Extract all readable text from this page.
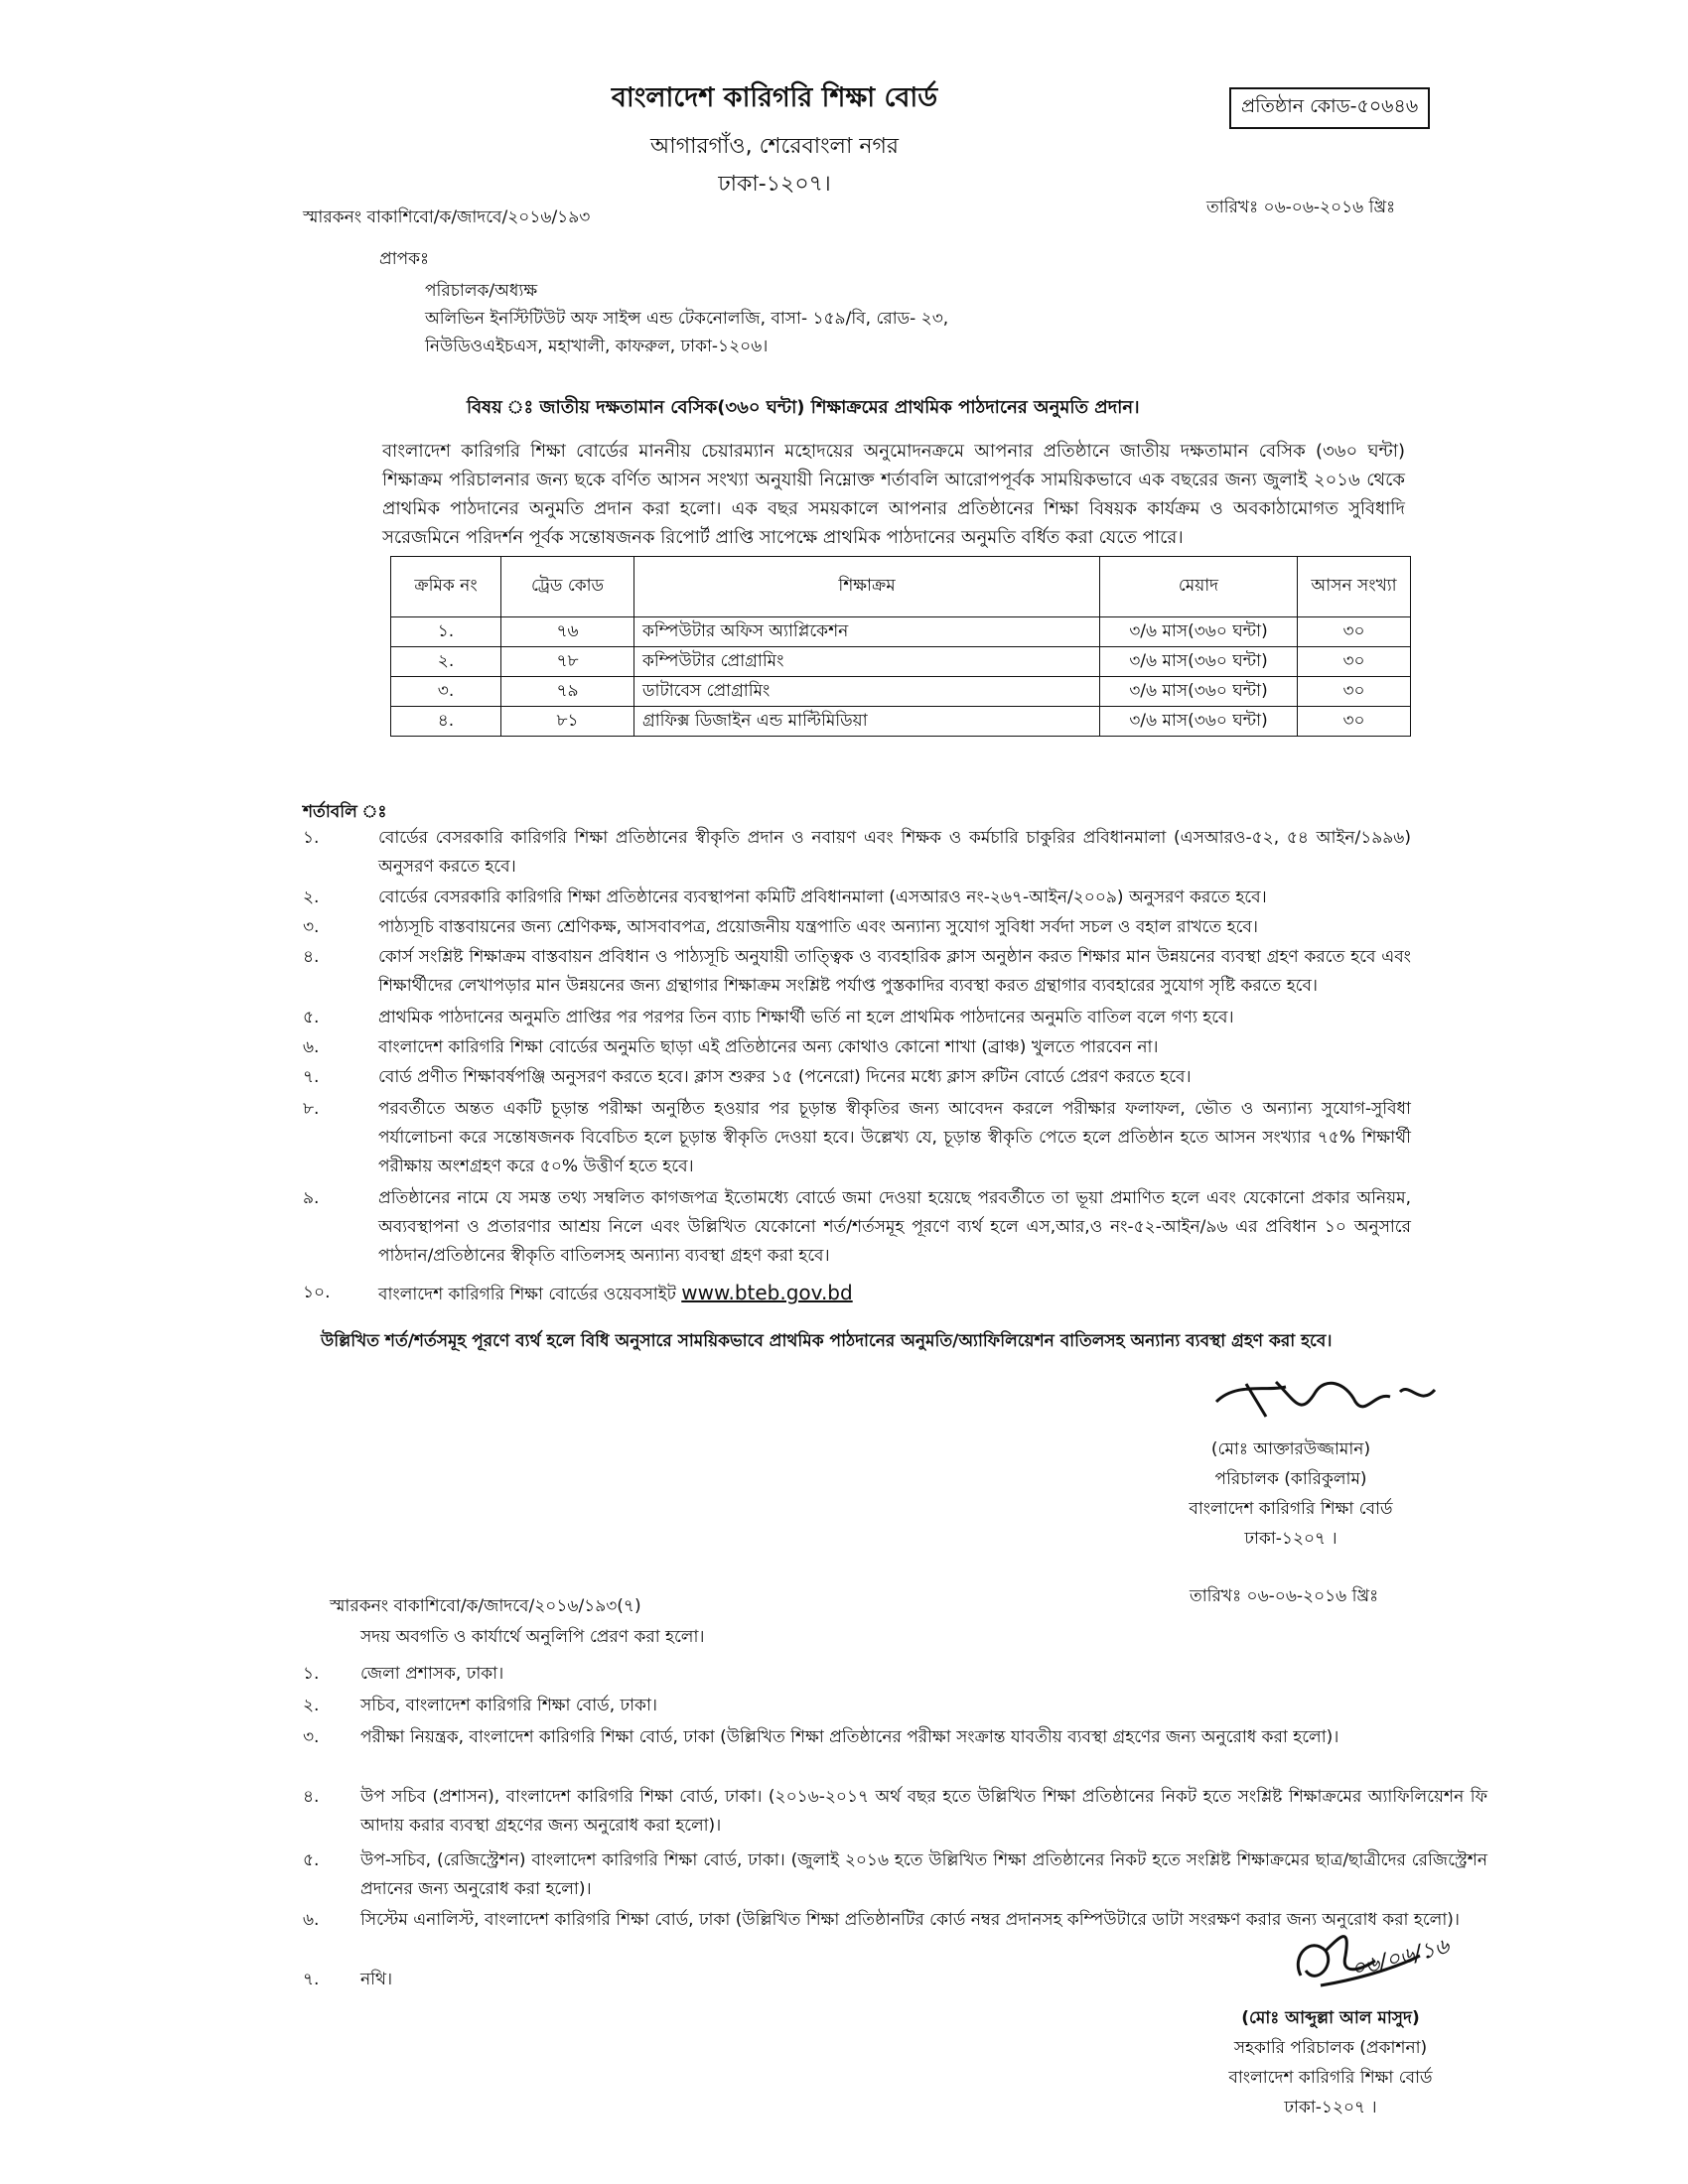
বাংলাদেশ কারিগরি শিক্ষা বোর্ড
আগারগাঁও, শেরেবাংলা নগর
ঢাকা-১২০৭।
প্রতিষ্ঠান কোড-৫০৬৪৬
স্মারকনং বাকাশিবো/ক/জাদবে/২০১৬/১৯৩	তারিখঃ ০৬-০৬-২০১৬ খ্রিঃ
প্রাপকঃ
পরিচালক/অধ্যক্ষ
অলিভিন ইনস্টিটিউট অফ সাইন্স এন্ড টেকনোলজি, বাসা- ১৫৯/বি, রোড- ২৩,
নিউডিওএইচএস, মহাখালী, কাফরুল, ঢাকা-১২০৬।
বিষয় ঃ জাতীয় দক্ষতামান বেসিক(৩৬০ ঘন্টা) শিক্ষাক্রমের প্রাথমিক পাঠদানের অনুমতি প্রদান।
বাংলাদেশ কারিগরি শিক্ষা বোর্ডের মাননীয় চেয়ারম্যান মহোদয়ের অনুমোদনক্রমে আপনার প্রতিষ্ঠানে জাতীয় দক্ষতামান বেসিক (৩৬০ ঘন্টা) শিক্ষাক্রম পরিচালনার জন্য ছকে বর্ণিত আসন সংখ্যা অনুযায়ী নিম্নোক্ত শর্তাবলি আরোপপূর্বক সাময়িকভাবে এক বছরের জন্য জুলাই ২০১৬ থেকে প্রাথমিক পাঠদানের অনুমতি প্রদান করা হলো। এক বছর সময়কালে আপনার প্রতিষ্ঠানের শিক্ষা বিষয়ক কার্যক্রম ও অবকাঠামোগত সুবিধাদি সরেজমিনে পরিদর্শন পূর্বক সন্তোষজনক রিপোর্ট প্রাপ্তি সাপেক্ষে প্রাথমিক পাঠদানের অনুমতি বর্ধিত করা যেতে পারে।
ক্রমিক নং	ট্রেড কোড	শিক্ষাক্রম	মেয়াদ	আসন সংখ্যা
১.	৭৬	কম্পিউটার অফিস অ্যাপ্লিকেশন	৩/৬ মাস(৩৬০ ঘন্টা)	৩০
২.	৭৮	কম্পিউটার প্রোগ্রামিং	৩/৬ মাস(৩৬০ ঘন্টা)	৩০
৩.	৭৯	ডাটাবেস প্রোগ্রামিং	৩/৬ মাস(৩৬০ ঘন্টা)	৩০
৪.	৮১	গ্রাফিক্স ডিজাইন এন্ড মাল্টিমিডিয়া	৩/৬ মাস(৩৬০ ঘন্টা)	৩০
শর্তাবলি ঃ
১.	বোর্ডের বেসরকারি কারিগরি শিক্ষা প্রতিষ্ঠানের স্বীকৃতি প্রদান ও নবায়ণ এবং শিক্ষক ও কর্মচারি চাকুরির প্রবিধানমালা (এসআরও-৫২, ৫৪ আইন/১৯৯৬) অনুসরণ করতে হবে।
২.	বোর্ডের বেসরকারি কারিগরি শিক্ষা প্রতিষ্ঠানের ব্যবস্থাপনা কমিটি প্রবিধানমালা (এসআরও নং-২৬৭-আইন/২০০৯) অনুসরণ করতে হবে।
৩.	পাঠ্যসূচি বাস্তবায়নের জন্য শ্রেণিকক্ষ, আসবাবপত্র, প্রয়োজনীয় যন্ত্রপাতি এবং অন্যান্য সুযোগ সুবিধা সর্বদা সচল ও বহাল রাখতে হবে।
৪.	কোর্স সংশ্লিষ্ট শিক্ষাক্রম বাস্তবায়ন প্রবিধান ও পাঠ্যসূচি অনুযায়ী তাত্ত্বিক ও ব্যবহারিক ক্লাস অনুষ্ঠান করত শিক্ষার মান উন্নয়নের ব্যবস্থা গ্রহণ করতে হবে এবং শিক্ষার্থীদের লেখাপড়ার মান উন্নয়নের জন্য গ্রন্থাগার শিক্ষাক্রম সংশ্লিষ্ট পর্যাপ্ত পুস্তকাদির ব্যবস্থা করত গ্রন্থাগার ব্যবহারের সুযোগ সৃষ্টি করতে হবে।
৫.	প্রাথমিক পাঠদানের অনুমতি প্রাপ্তির পর পরপর তিন ব্যাচ শিক্ষার্থী ভর্তি না হলে প্রাথমিক পাঠদানের অনুমতি বাতিল বলে গণ্য হবে।
৬.	বাংলাদেশ কারিগরি শিক্ষা বোর্ডের অনুমতি ছাড়া এই প্রতিষ্ঠানের অন্য কোথাও কোনো শাখা (ব্রাঞ্চ) খুলতে পারবেন না।
৭.	বোর্ড প্রণীত শিক্ষাবর্ষপঞ্জি অনুসরণ করতে হবে। ক্লাস শুরুর ১৫ (পনেরো) দিনের মধ্যে ক্লাস রুটিন বোর্ডে প্রেরণ করতে হবে।
৮.	পরবর্তীতে অন্তত একটি চূড়ান্ত পরীক্ষা অনুষ্ঠিত হওয়ার পর চূড়ান্ত স্বীকৃতির জন্য আবেদন করলে পরীক্ষার ফলাফল, ভৌত ও অন্যান্য সুযোগ-সুবিধা পর্যালোচনা করে সন্তোষজনক বিবেচিত হলে চূড়ান্ত স্বীকৃতি দেওয়া হবে। উল্লেখ্য যে, চূড়ান্ত স্বীকৃতি পেতে হলে প্রতিষ্ঠান হতে আসন সংখ্যার ৭৫% শিক্ষার্থী পরীক্ষায় অংশগ্রহণ করে ৫০% উত্তীর্ণ হতে হবে।
৯.	প্রতিষ্ঠানের নামে যে সমস্ত তথ্য সম্বলিত কাগজপত্র ইতোমধ্যে বোর্ডে জমা দেওয়া হয়েছে পরবর্তীতে তা ভূয়া প্রমাণিত হলে এবং যেকোনো প্রকার অনিয়ম, অব্যবস্থাপনা ও প্রতারণার আশ্রয় নিলে এবং উল্লিখিত যেকোনো শর্ত/শর্তসমূহ পূরণে ব্যর্থ হলে এস,আর,ও নং-৫২-আইন/৯৬ এর প্রবিধান ১০ অনুসারে পাঠদান/প্রতিষ্ঠানের স্বীকৃতি বাতিলসহ অন্যান্য ব্যবস্থা গ্রহণ করা হবে।
১০.	বাংলাদেশ কারিগরি শিক্ষা বোর্ডের ওয়েবসাইট www.bteb.gov.bd
উল্লিখিত শর্ত/শর্তসমূহ পূরণে ব্যর্থ হলে বিধি অনুসারে সাময়িকভাবে প্রাথমিক পাঠদানের অনুমতি/অ্যাফিলিয়েশন বাতিলসহ অন্যান্য ব্যবস্থা গ্রহণ করা হবে।
(মোঃ আক্তারউজ্জামান)
পরিচালক (কারিকুলাম)
বাংলাদেশ কারিগরি শিক্ষা বোর্ড
ঢাকা-১২০৭ ।
স্মারকনং বাকাশিবো/ক/জাদবে/২০১৬/১৯৩(৭)	তারিখঃ ০৬-০৬-২০১৬ খ্রিঃ
সদয় অবগতি ও কার্যার্থে অনুলিপি প্রেরণ করা হলো।
১. জেলা প্রশাসক, ঢাকা।
২. সচিব, বাংলাদেশ কারিগরি শিক্ষা বোর্ড, ঢাকা।
৩. পরীক্ষা নিয়ন্ত্রক, বাংলাদেশ কারিগরি শিক্ষা বোর্ড, ঢাকা (উল্লিখিত শিক্ষা প্রতিষ্ঠানের পরীক্ষা সংক্রান্ত যাবতীয় ব্যবস্থা গ্রহণের জন্য অনুরোধ করা হলো)।
৪. উপ সচিব (প্রশাসন), বাংলাদেশ কারিগরি শিক্ষা বোর্ড, ঢাকা। (২০১৬-২০১৭ অর্থ বছর হতে উল্লিখিত শিক্ষা প্রতিষ্ঠানের নিকট হতে সংশ্লিষ্ট শিক্ষাক্রমের অ্যাফিলিয়েশন ফি আদায় করার ব্যবস্থা গ্রহণের জন্য অনুরোধ করা হলো)।
৫. উপ-সচিব, (রেজিস্ট্রেশন) বাংলাদেশ কারিগরি শিক্ষা বোর্ড, ঢাকা। (জুলাই ২০১৬ হতে উল্লিখিত শিক্ষা প্রতিষ্ঠানের নিকট হতে সংশ্লিষ্ট শিক্ষাক্রমের ছাত্র/ছাত্রীদের রেজিস্ট্রেশন প্রদানের জন্য অনুরোধ করা হলো)।
৬. সিস্টেম এনালিস্ট, বাংলাদেশ কারিগরি শিক্ষা বোর্ড, ঢাকা (উল্লিখিত শিক্ষা প্রতিষ্ঠানটির কোর্ড নম্বর প্রদানসহ কম্পিউটারে ডাটা সংরক্ষণ করার জন্য অনুরোধ করা হলো)।
৭. নথি।	০৬/০৬/১৬
(মোঃ আব্দুল্লা আল মাসুদ)
সহকারি পরিচালক (প্রকাশনা)
বাংলাদেশ কারিগরি শিক্ষা বোর্ড
ঢাকা-১২০৭ ।
